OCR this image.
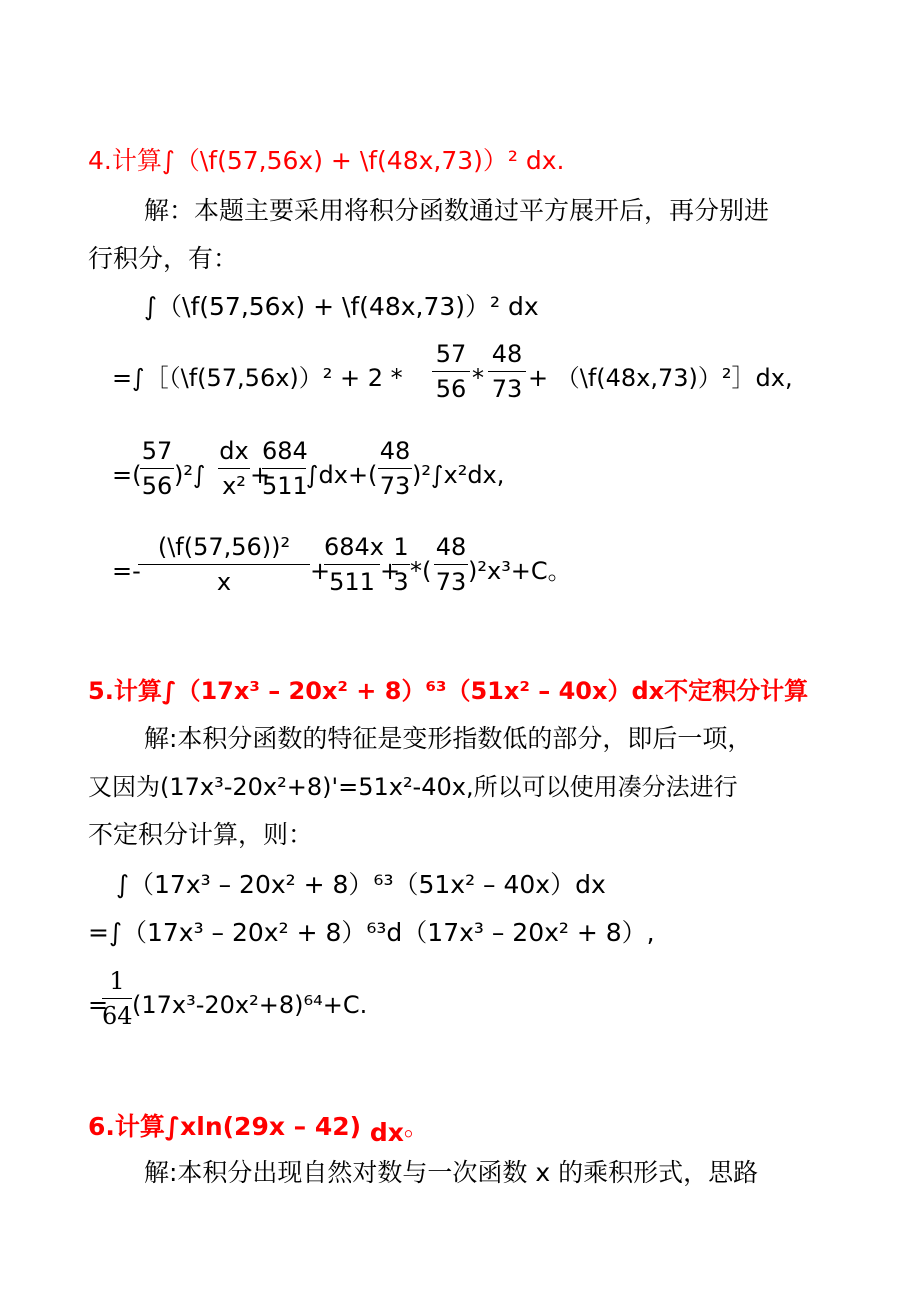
4.计算∫（\f(57,56x) + \f(48x,73)）² dx.
解：本题主要采用将积分函数通过平方展开后，再分别进
行积分，有：
∫（\f(57,56x) + \f(48x,73)）² dx
=∫［（\f(57,56x)）² + 2 *
57
56 *
48
73 + （\f(48x,73)）²］dx,
=(
57
56 )²∫
dx
x² +
684
511
∫dx+(
48
73 )²∫x²dx,
=-
(\f(57,56))²
x	+
684x
511 +
1
3 *(
48
73 )²x³+C。
5.计算∫（17x³ – 20x² + 8）⁶³（51x² – 40x）dx不定积分计算
解:本积分函数的特征是变形指数低的部分，即后一项，
又因为(17x³-20x²+8)'=51x²-40x,所以可以使用凑分法进行
不定积分计算，则：
∫（17x³ – 20x² + 8）⁶³（51x² – 40x）dx
=∫（17x³ – 20x² + 8）⁶³d（17x³ – 20x² + 8）,
=
1
64 (17x³-20x²+8)⁶⁴+C.
6.计算∫xln(29x – 42) dx。
解:本积分出现自然对数与一次函数 x 的乘积形式，思路
